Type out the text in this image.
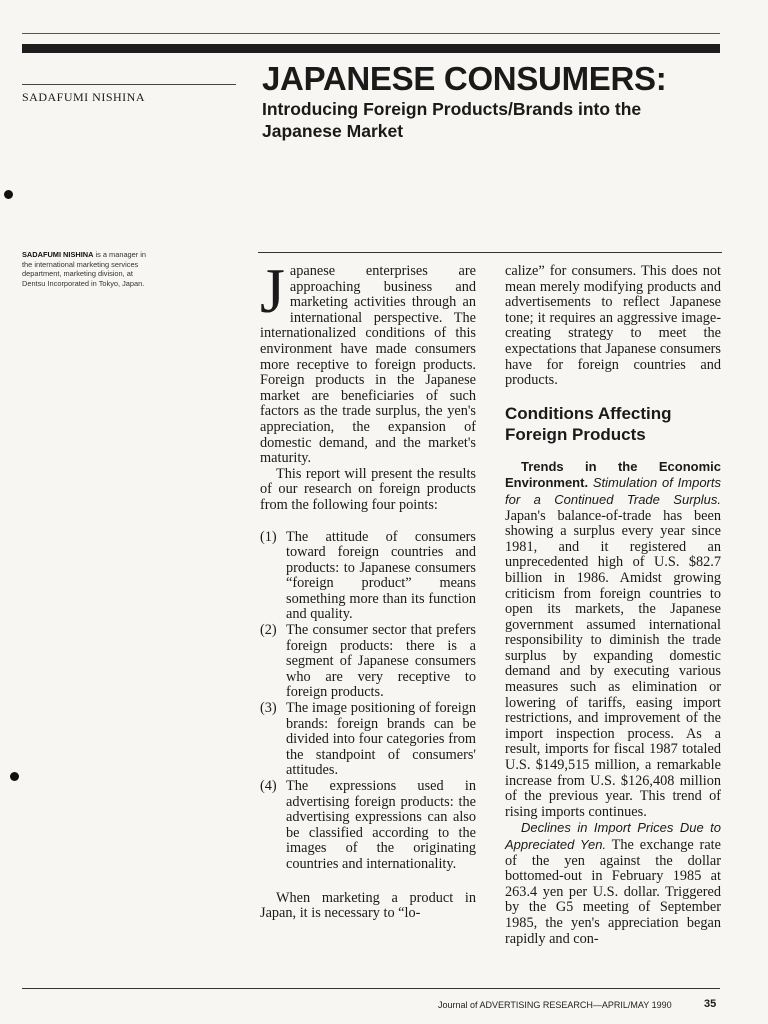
SADAFUMI NISHINA	JAPANESE CONSUMERS:
Introducing Foreign Products/Brands into the Japanese Market
SADAFUMI NISHINA is a manager in the international marketing services department, marketing division, at Dentsu Incorporated in Tokyo, Japan. Japanese enterprises are approaching business and marketing activities through an international perspective. The internationalized conditions of this environment have made consumers more receptive to foreign products. Foreign products in the Japanese market are beneficiaries of such factors as the trade surplus, the yen's appreciation, the expansion of domestic demand, and the market's maturity.

This report will present the results of our research on foreign products from the following four points:

(1) The attitude of consumers toward foreign countries and products: to Japanese consumers “foreign product” means something more than its function and quality.
(2) The consumer sector that prefers foreign products: there is a segment of Japanese consumers who are very receptive to foreign products.
(3) The image positioning of foreign brands: foreign brands can be divided into four categories from the standpoint of consumers' attitudes.
(4) The expressions used in advertising foreign products: the advertising expressions can also be classified according to the images of the originating countries and internationality.

When marketing a product in Japan, it is necessary to “lo-

calize” for consumers. This does not mean merely modifying products and advertisements to reflect Japanese tone; it requires an aggressive image-creating strategy to meet the expectations that Japanese consumers have for foreign countries and products.

Conditions Affecting Foreign Products

Trends in the Economic Environment. Stimulation of Imports for a Continued Trade Surplus. Japan's balance-of-trade has been showing a surplus every year since 1981, and it registered an unprecedented high of U.S. $82.7 billion in 1986. Amidst growing criticism from foreign countries to open its markets, the Japanese government assumed international responsibility to diminish the trade surplus by expanding domestic demand and by executing various measures such as elimination or lowering of tariffs, easing import restrictions, and improvement of the import inspection process. As a result, imports for fiscal 1987 totaled U.S. $149,515 million, a remarkable increase from U.S. $126,408 million of the previous year. This trend of rising imports continues.

Declines in Import Prices Due to Appreciated Yen. The exchange rate of the yen against the dollar bottomed-out in February 1985 at 263.4 yen per U.S. dollar. Triggered by the G5 meeting of September 1985, the yen's appreciation began rapidly and con-

Journal of ADVERTISING RESEARCH—APRIL/MAY 1990	35
